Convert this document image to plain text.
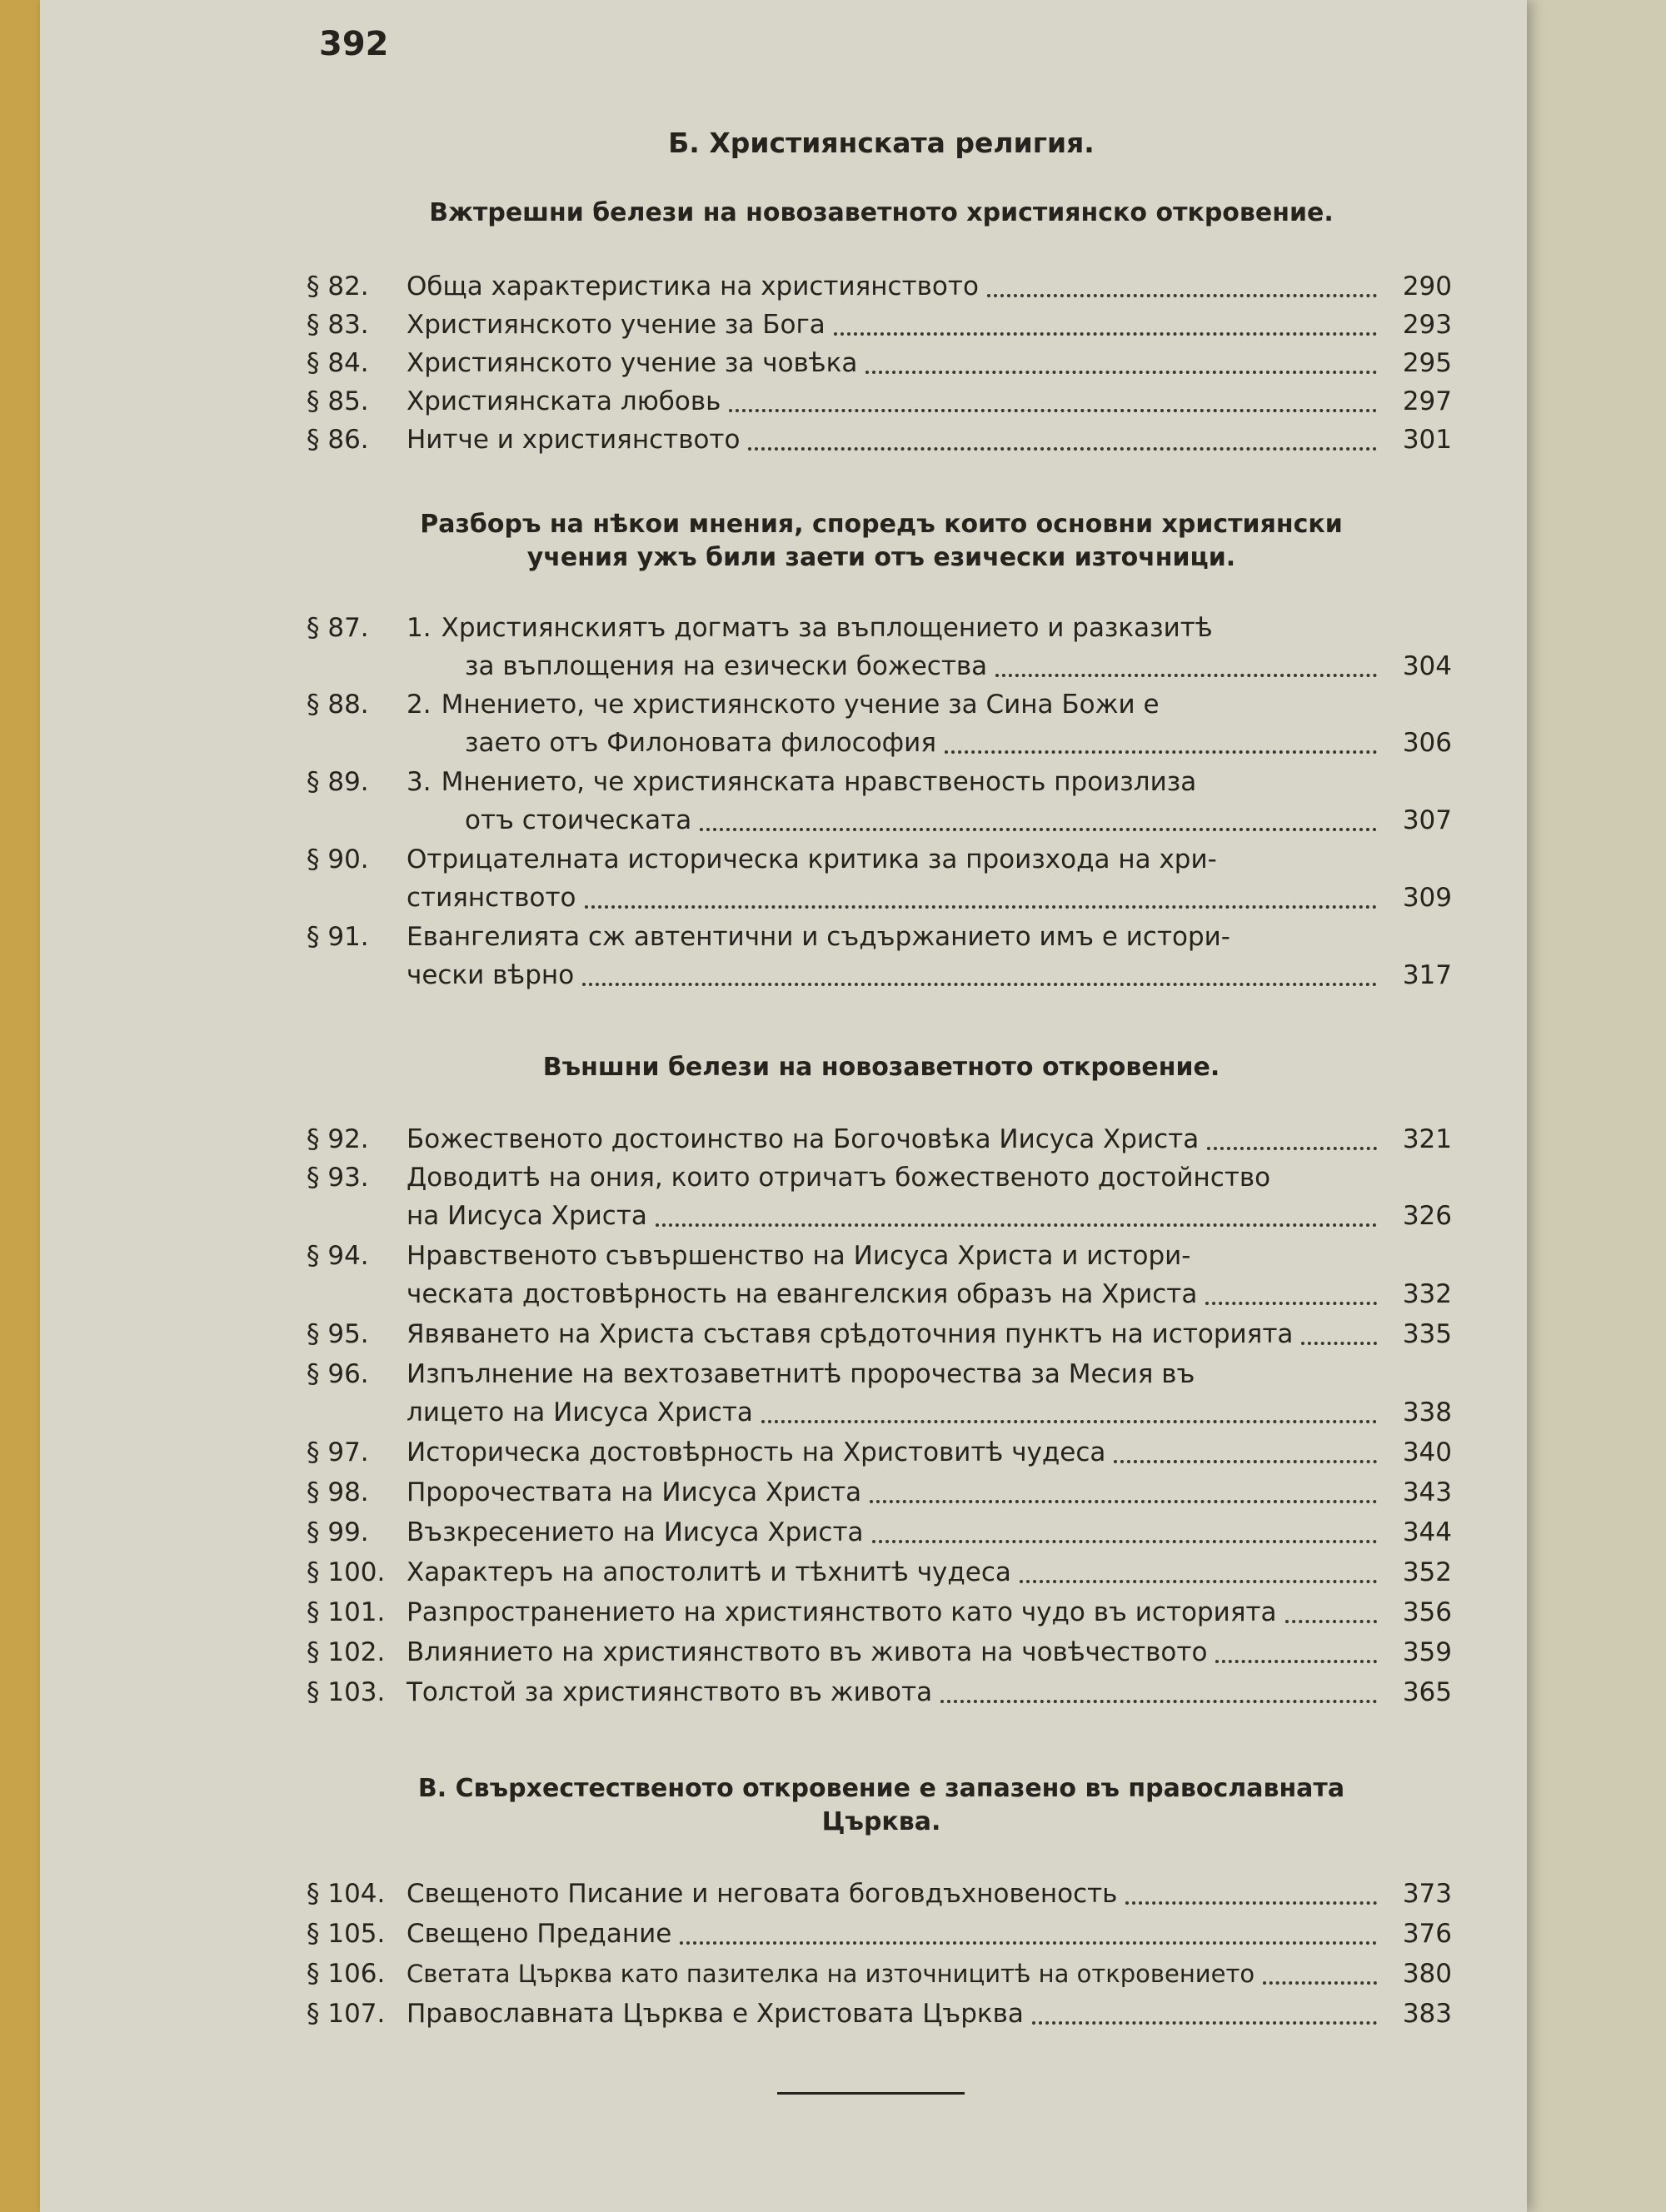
392

Б. Християнската религия.

Вжтрешни белези на новозаветното християнско откровение.

§ 82.	Обща характеристика на християнството	290
§ 83.	Християнското учение за Бога	293
§ 84.	Християнското учение за човѣка	295
§ 85.	Християнската любовь	297
§ 86.	Нитче и християнството	301

Разборъ на нѣкои мнения, споредъ които основни християнски

учения ужъ били заети отъ езически източници.

§ 87.	1. Християнскиятъ догматъ за въплощението и разказитѣ
за въплощения на езически божества	304
§ 88.	2. Мнението, че християнското учение за Сина Божи е
заето отъ Филоновата философия	306
§ 89.	3. Мнението, че християнската нравственость произлиза
отъ стоическата	307
§ 90.	Отрицателната историческа критика за произхода на хри-
стиянството	309
§ 91.	Евангелията сж автентични и съдържанието имъ е истори-
чески вѣрно	317

Външни белези на новозаветното откровение.

§ 92.	Божественото достоинство на Богочовѣка Иисуса Христа	321
§ 93.	Доводитѣ на ония, които отричатъ божественото достойнство
на Иисуса Христа	326
§ 94.	Нравственото съвършенство на Иисуса Христа и истори-
ческата достовѣрность на евангелския образъ на Христа	332
§ 95.	Явяването на Христа съставя срѣдоточния пунктъ на историята	335
§ 96.	Изпълнение на вехтозаветнитѣ пророчества за Месия въ
лицето на Иисуса Христа	338
§ 97.	Историческа достовѣрность на Христовитѣ чудеса	340
§ 98.	Пророчествата на Иисуса Христа	343
§ 99.	Възкресението на Иисуса Христа	344
§ 100. Характеръ на апостолитѣ и тѣхнитѣ чудеса	352
§ 101. Разпространението на християнството като чудо въ историята	356
§ 102. Влиянието на християнството въ живота на човѣчеството	359
§ 103. Толстой за християнството въ живота	365

В. Свърхестественото откровение е запазено въ православната

Църква.

§ 104. Свещеното Писание и неговата боговдъхновеность	373
§ 105. Свещено Предание	376
§ 106. Светата Църква като пазителка на източницитѣ на откровението	380
§ 107. Православната Църква е Христовата Църква	383
